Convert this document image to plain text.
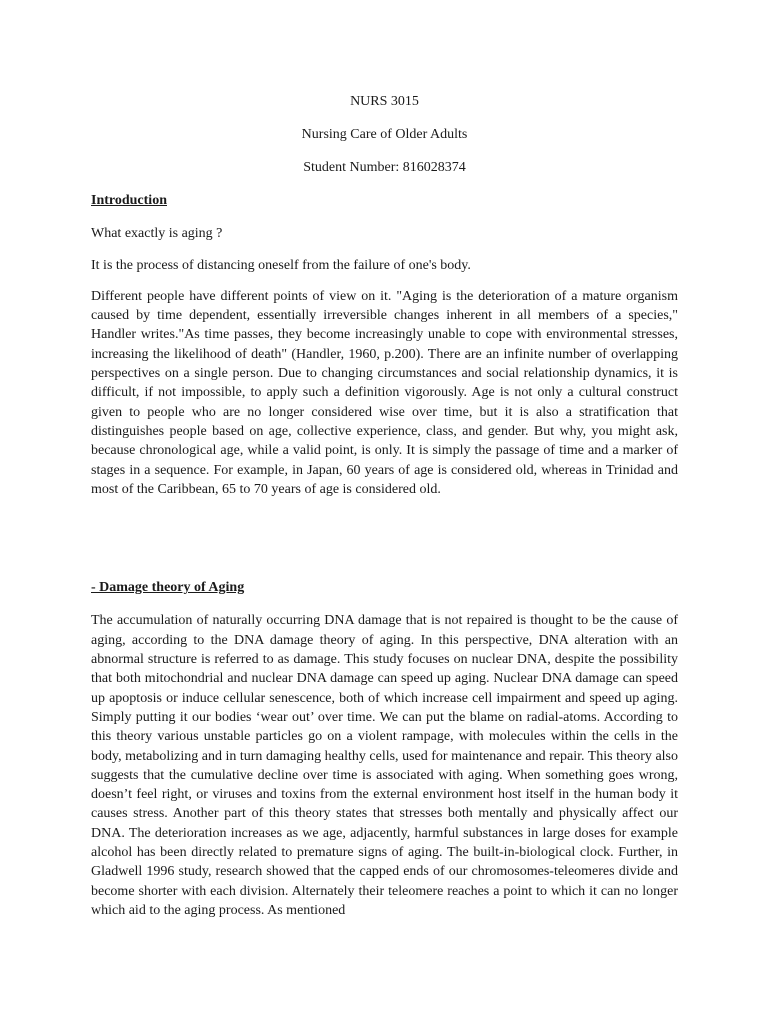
NURS 3015
Nursing Care of Older Adults
Student Number: 816028374
Introduction

What exactly is aging ?

It is the process of distancing oneself from the failure of one's body.

Different people have different points of view on it. "Aging is the deterioration of a mature organism caused by time dependent, essentially irreversible changes inherent in all members of a species," Handler writes."As time passes, they become increasingly unable to cope with environmental stresses, increasing the likelihood of death" (Handler, 1960, p.200). There are an infinite number of overlapping perspectives on a single person. Due to changing circumstances and social relationship dynamics, it is difficult, if not impossible, to apply such a definition vigorously. Age is not only a cultural construct given to people who are no longer considered wise over time, but it is also a stratification that distinguishes people based on age, collective experience, class, and gender. But why, you might ask, because chronological age, while a valid point, is only. It is simply the passage of time and a marker of stages in a sequence. For example, in Japan, 60 years of age is considered old, whereas in Trinidad and most of the Caribbean, 65 to 70 years of age is considered old.

- Damage theory of Aging

The accumulation of naturally occurring DNA damage that is not repaired is thought to be the cause of aging, according to the DNA damage theory of aging. In this perspective, DNA alteration with an abnormal structure is referred to as damage. This study focuses on nuclear DNA, despite the possibility that both mitochondrial and nuclear DNA damage can speed up aging. Nuclear DNA damage can speed up apoptosis or induce cellular senescence, both of which increase cell impairment and speed up aging. Simply putting it our bodies ‘wear out’ over time. We can put the blame on radial-atoms. According to this theory various unstable particles go on a violent rampage, with molecules within the cells in the body, metabolizing and in turn damaging healthy cells, used for maintenance and repair. This theory also suggests that the cumulative decline over time is associated with aging. When something goes wrong, doesn’t feel right, or viruses and toxins from the external environment host itself in the human body it causes stress. Another part of this theory states that stresses both mentally and physically affect our DNA. The deterioration increases as we age, adjacently, harmful substances in large doses for example alcohol has been directly related to premature signs of aging. The built-in-biological clock. Further, in Gladwell 1996 study, research showed that the capped ends of our chromosomes-teleomeres divide and become shorter with each division. Alternately their teleomere reaches a point to which it can no longer which aid to the aging process. As mentioned
